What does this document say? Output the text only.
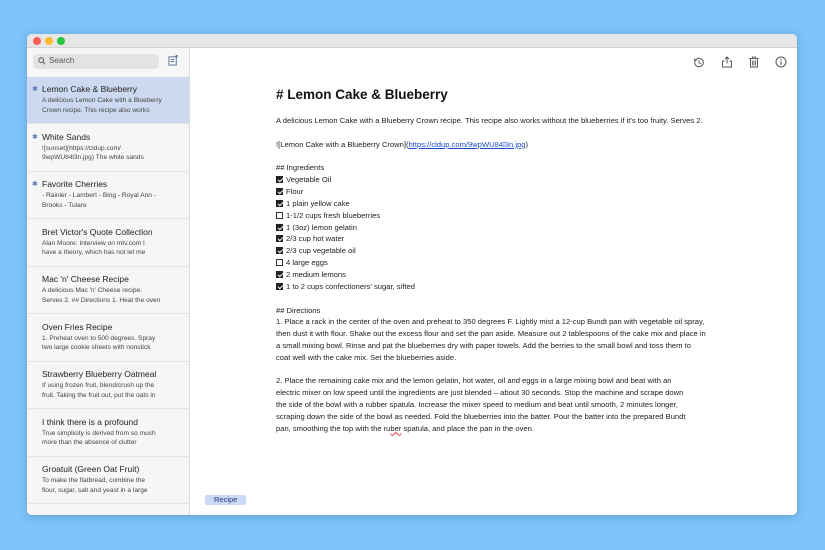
Search
✱ Lemon Cake & Blueberry
A delicious Lemon Cake with a Blueberry
Crown recipe. This recipe also works
✱ White Sands
![sunset](https://cldup.com/
9wpWU84l3n.jpg) The white sands
✱ Favorite Cherries
- Rainier - Lambert - Bing - Royal Ann -
Brooks - Tulare
Bret Victor's Quote Collection
Alan Moore: Interview on mtv.com I
have a theory, which has not let me
Mac 'n' Cheese Recipe
A delicious Mac 'n' Cheese recipe.
Serves 2. ## Directions 1. Heat the oven
Oven Fries Recipe
1. Preheat oven to 500 degrees. Spray
two large cookie sheets with nonstick
Strawberry Blueberry Oatmeal
If using frozen fruit, blend/crush up the
fruit. Taking the fruit out, put the oats in
I think there is a profound
True simplicity is derived from so much
more than the absence of clutter
Groatuit (Green Oat Fruit)
To make the flatbread, combine the
flour, sugar, salt and yeast in a large
# Lemon Cake & Blueberry

A delicious Lemon Cake with a Blueberry Crown recipe. This recipe also works without the blueberries if it's too fruity. Serves 2.

![Lemon Cake with a Blueberry Crown](https://cldup.com/9wpWU84l3n.jpg)

## Ingredients
Vegetable Oil
Flour
1 plain yellow cake
1-1/2 cups fresh blueberries
1 (3oz) lemon gelatin
2/3 cup hot water
2/3 cup vegetable oil
4 large eggs
2 medium lemons
1 to 2 cups confectioners' sugar, sifted
## Directions

1. Place a rack in the center of the oven and preheat to 350 degrees F. Lightly mist a 12-cup Bundt pan with vegetable oil spray, then dust it with flour. Shake out the excess flour and set the pan aside. Measure out 2 tablespoons of the cake mix and place in a small mixing bowl. Rinse and pat the blueberries dry with paper towels. Add the berries to the small bowl and toss them to coat well with the cake mix. Set the blueberries aside.

2. Place the remaining cake mix and the lemon gelatin, hot water, oil and eggs in a large mixing bowl and beat with an electric mixer on low speed until the ingredients are just blended – about 30 seconds. Stop the machine and scrape down the side of the bowl with a rubber spatula. Increase the mixer speed to medium and beat until smooth, 2 minutes longer, scraping down the side of the bowl as needed. Fold the blueberries into the batter. Pour the batter into the prepared Bundt pan, smoothing the top with the ruber spatula, and place the pan in the oven.

Recipe
